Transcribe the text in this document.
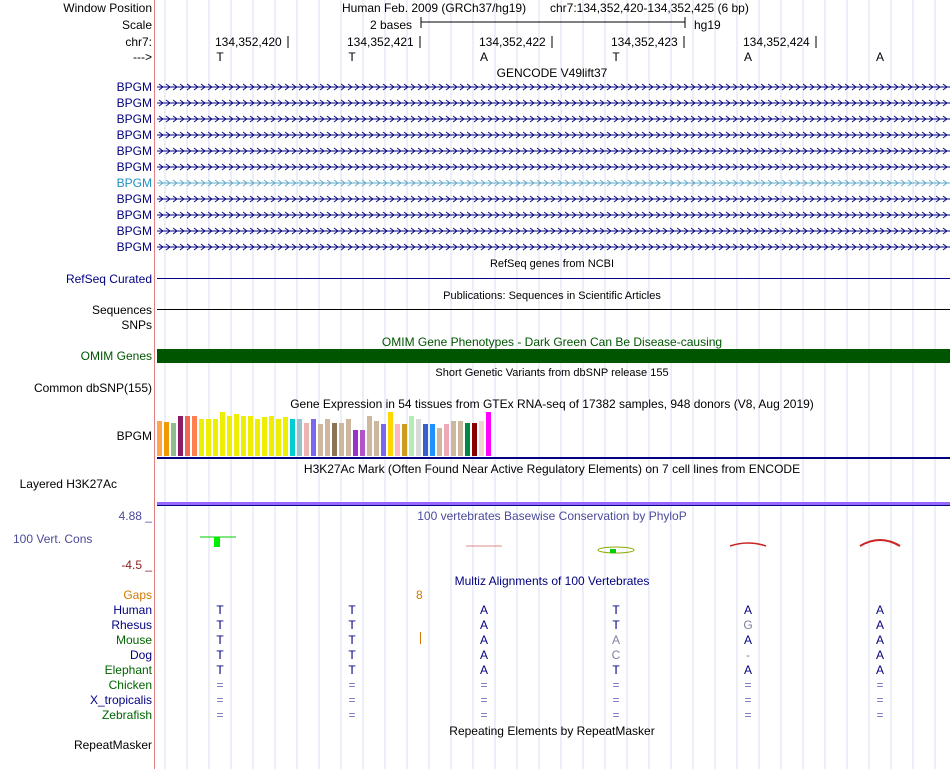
Window Position	Human Feb. 2009 (GRCh37/hg19) chr7:134,352,420-134,352,425 (6 bp)
Scale	2 bases	hg19
chr7:
--->
134,352,420	134,352,421	134,352,422	134,352,423	134,352,424
T	T	A	T	A	A
GENCODE V49lift37
BPGM
BPGM
BPGM
BPGM
BPGM
BPGM
BPGM
BPGM
BPGM
BPGM
BPGM
RefSeq genes from NCBI
RefSeq Curated
Publications: Sequences in Scientific Articles
Sequences
SNPs
OMIM Gene Phenotypes - Dark Green Can Be Disease-causing
OMIM Genes
Short Genetic Variants from dbSNP release 155
Common dbSNP(155)
Gene Expression in 54 tissues from GTEx RNA-seq of 17382 samples, 948 donors (V8, Aug 2019)
BPGM
H3K27Ac Mark (Often Found Near Active Regulatory Elements) on 7 cell lines from ENCODE
Layered H3K27Ac
100 vertebrates Basewise Conservation by PhyloP
4.88 _
100 Vert. Cons
-4.5 _
Multiz Alignments of 100 Vertebrates
Gaps	8
Human	T	T	A	T	A	A
Rhesus	T	T	A	T	G	A
Mouse	T	T	A	A	A	A
Dog	T	T	A	C	-	A
Elephant	T	T	A	T	A	A
Chicken	=	=	=	=	=	=
X_tropicalis	=	=	=	=	=	=
Zebrafish	=	=	=	=	=	=
Repeating Elements by RepeatMasker
RepeatMasker
